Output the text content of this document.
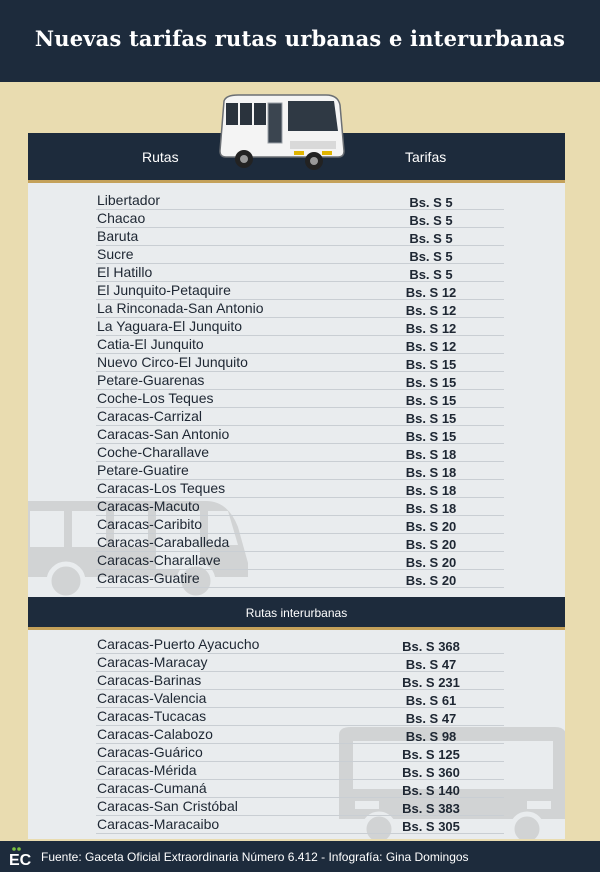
Nuevas tarifas rutas urbanas e interurbanas
Rutas	Tarifas
Libertador	Bs. S 5
Chacao	Bs. S 5
Baruta	Bs. S 5
Sucre	Bs. S 5
El Hatillo	Bs. S 5
El Junquito-Petaquire	Bs. S 12
La Rinconada-San Antonio	Bs. S 12
La Yaguara-El Junquito	Bs. S 12
Catia-El Junquito	Bs. S 12
Nuevo Circo-El Junquito	Bs. S 15
Petare-Guarenas	Bs. S 15
Coche-Los Teques	Bs. S 15
Caracas-Carrizal	Bs. S 15
Caracas-San Antonio	Bs. S 15
Coche-Charallave	Bs. S 18
Petare-Guatire	Bs. S 18
Caracas-Los Teques	Bs. S 18
Caracas-Macuto	Bs. S 18
Caracas-Caribito	Bs. S 20
Caracas-Caraballeda	Bs. S 20
Caracas-Charallave	Bs. S 20
Caracas-Guatire	Bs. S 20
Rutas interurbanas
Caracas-Puerto Ayacucho	Bs. S 368
Caracas-Maracay	Bs. S 47
Caracas-Barinas	Bs. S 231
Caracas-Valencia	Bs. S 61
Caracas-Tucacas	Bs. S 47
Caracas-Calabozo	Bs. S 98
Caracas-Guárico	Bs. S 125
Caracas-Mérida	Bs. S 360
Caracas-Cumaná	Bs. S 140
Caracas-San Cristóbal	Bs. S 383
Caracas-Maracaibo	Bs. S 305
EC Fuente: Gaceta Oficial Extraordinaria Número 6.412 - Infografía: Gina Domingos
